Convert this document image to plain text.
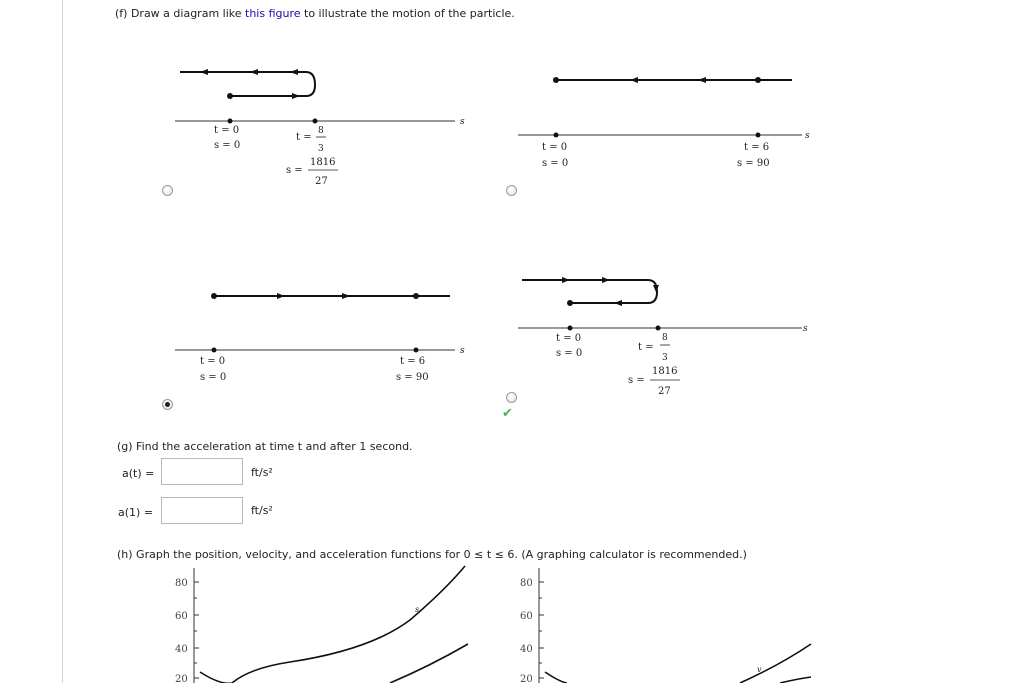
(f) Draw a diagram like this figure to illustrate the motion of the particle.
s
t = 0
s = 0
t =
8
3
s =
1816
27
s
t = 0
s = 0
t = 6
s = 90
s
t = 0
s = 0
t = 6
s = 90
s
t = 0
s = 0
t =
8
3
s =
1816
27
✔
(g) Find the acceleration at time t and after 1 second.
a(t) =	ft/s²
a(1) =	ft/s²
(h) Graph the position, velocity, and acceleration functions for 0 ≤ t ≤ 6. (A graphing calculator is recommended.)
80
60
40
20
s
80
60
40
20
v
